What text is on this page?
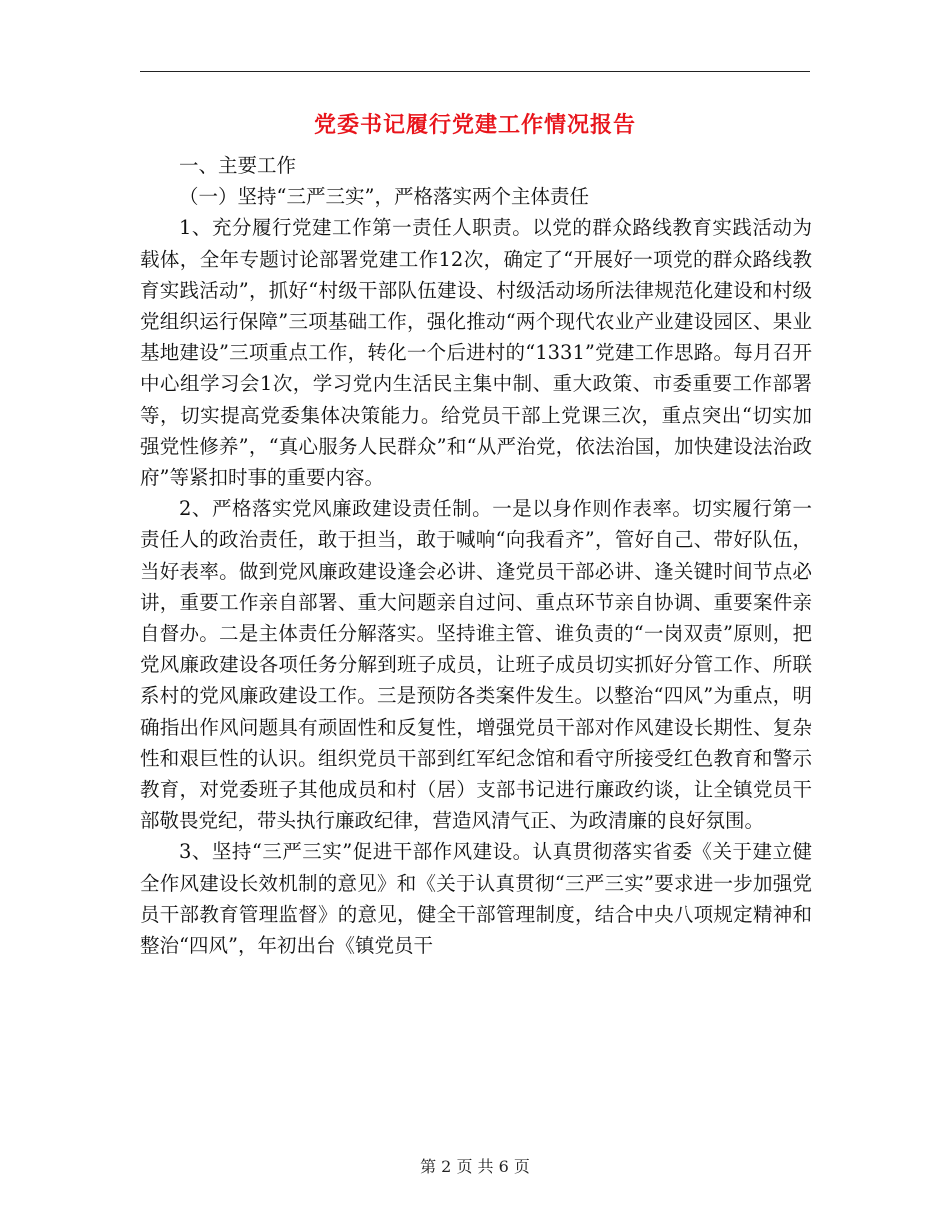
党委书记履行党建工作情况报告

一、主要工作

（一）坚持“三严三实”，严格落实两个主体责任

1、充分履行党建工作第一责任人职责。以党的群众路线教育实践活动为载体，全年专题讨论部署党建工作12次，确定了“开展好一项党的群众路线教育实践活动”，抓好“村级干部队伍建设、村级活动场所法律规范化建设和村级党组织运行保障”三项基础工作，强化推动“两个现代农业产业建设园区、果业基地建设”三项重点工作，转化一个后进村的“1331”党建工作思路。每月召开中心组学习会1次，学习党内生活民主集中制、重大政策、市委重要工作部署等，切实提高党委集体决策能力。给党员干部上党课三次，重点突出“切实加强党性修养”，“真心服务人民群众”和“从严治党，依法治国，加快建设法治政府”等紧扣时事的重要内容。

2、严格落实党风廉政建设责任制。一是以身作则作表率。切实履行第一责任人的政治责任，敢于担当，敢于喊响“向我看齐”，管好自己、带好队伍，当好表率。做到党风廉政建设逢会必讲、逢党员干部必讲、逢关键时间节点必讲，重要工作亲自部署、重大问题亲自过问、重点环节亲自协调、重要案件亲自督办。二是主体责任分解落实。坚持谁主管、谁负责的“一岗双责”原则，把党风廉政建设各项任务分解到班子成员，让班子成员切实抓好分管工作、所联系村的党风廉政建设工作。三是预防各类案件发生。以整治“四风”为重点，明确指出作风问题具有顽固性和反复性，增强党员干部对作风建设长期性、复杂性和艰巨性的认识。组织党员干部到红军纪念馆和看守所接受红色教育和警示教育，对党委班子其他成员和村（居）支部书记进行廉政约谈，让全镇党员干部敬畏党纪，带头执行廉政纪律，营造风清气正、为政清廉的良好氛围。

3、坚持“三严三实”促进干部作风建设。认真贯彻落实省委《关于建立健全作风建设长效机制的意见》和《关于认真贯彻“三严三实”要求进一步加强党员干部教育管理监督》的意见，健全干部管理制度，结合中央八项规定精神和整治“四风”，年初出台《镇党员干

第 2 页 共 6 页
